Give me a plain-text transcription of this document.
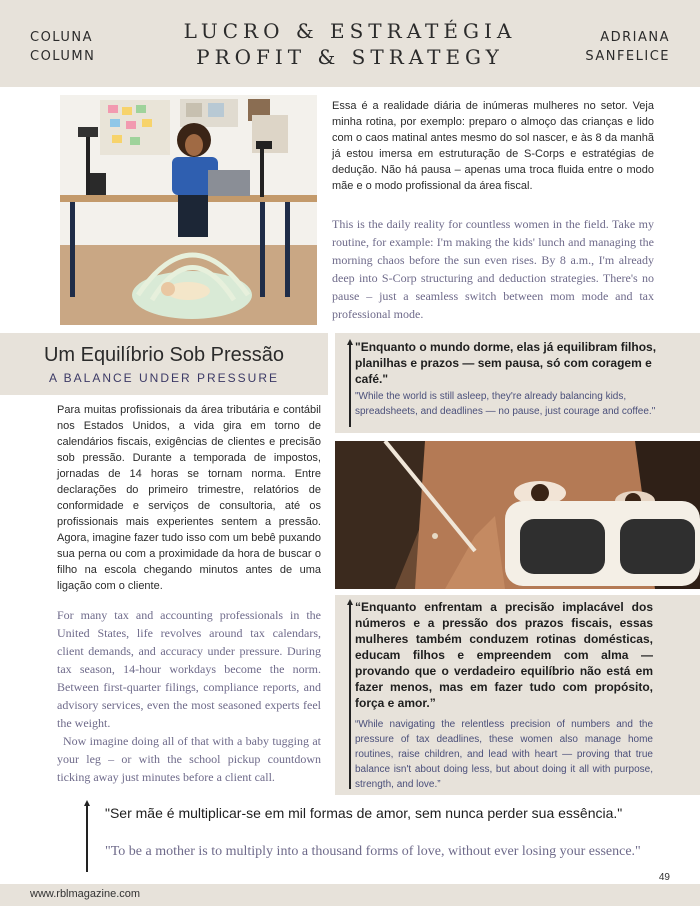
COLUNA
COLUMN
LUCRO & ESTRATÉGIA
PROFIT & STRATEGY
ADRIANA
SANFELICE
Essa é a realidade diária de inúmeras mulheres no setor. Veja minha rotina, por exemplo: preparo o almoço das crianças e lido com o caos matinal antes mesmo do sol nascer, e às 8 da manhã já estou imersa em estruturação de S-Corps e estratégias de dedução. Não há pausa – apenas uma troca fluida entre o modo mãe e o modo profissional da área fiscal.
This is the daily reality for countless women in the field. Take my routine, for example: I'm making the kids' lunch and managing the morning chaos before the sun even rises. By 8 a.m., I'm already deep into S-Corp structuring and deduction strategies. There's no pause – just a seamless switch between mom mode and tax professional mode.
Um Equilíbrio Sob Pressão
A BALANCE UNDER PRESSURE
Para muitas profissionais da área tributária e contábil nos Estados Unidos, a vida gira em torno de calendários fiscais, exigências de clientes e precisão sob pressão. Durante a temporada de impostos, jornadas de 14 horas se tornam norma. Entre declarações do primeiro trimestre, relatórios de conformidade e serviços de consultoria, até os profissionais mais experientes sentem a pressão. Agora, imagine fazer tudo isso com um bebê puxando sua perna ou com a proximidade da hora de buscar o filho na escola chegando minutos antes de uma ligação com o cliente.
For many tax and accounting professionals in the United States, life revolves around tax calendars, client demands, and accuracy under pressure. During tax season, 14-hour workdays become the norm. Between first-quarter filings, compliance reports, and advisory services, even the most seasoned experts feel the weight.
Now imagine doing all of that with a baby tugging at your leg – or with the school pickup countdown ticking away just minutes before a client call.
"Enquanto o mundo dorme, elas já equilibram filhos, planilhas e prazos — sem pausa, só com coragem e café."
"While the world is still asleep, they're already balancing kids, spreadsheets, and deadlines — no pause, just courage and coffee."
“Enquanto enfrentam a precisão implacável dos números e a pressão dos prazos fiscais, essas mulheres também conduzem rotinas domésticas, educam filhos e empreendem com alma — provando que o verdadeiro equilíbrio não está em fazer menos, mas em fazer tudo com propósito, força e amor.”
“While navigating the relentless precision of numbers and the pressure of tax deadlines, these women also manage home routines, raise children, and lead with heart — proving that true balance isn't about doing less, but about doing it all with purpose, strength, and love.”
"Ser mãe é multiplicar-se em mil formas de amor, sem nunca perder sua essência."
"To be a mother is to multiply into a thousand forms of love, without ever losing your essence."
49
www.rblmagazine.com
